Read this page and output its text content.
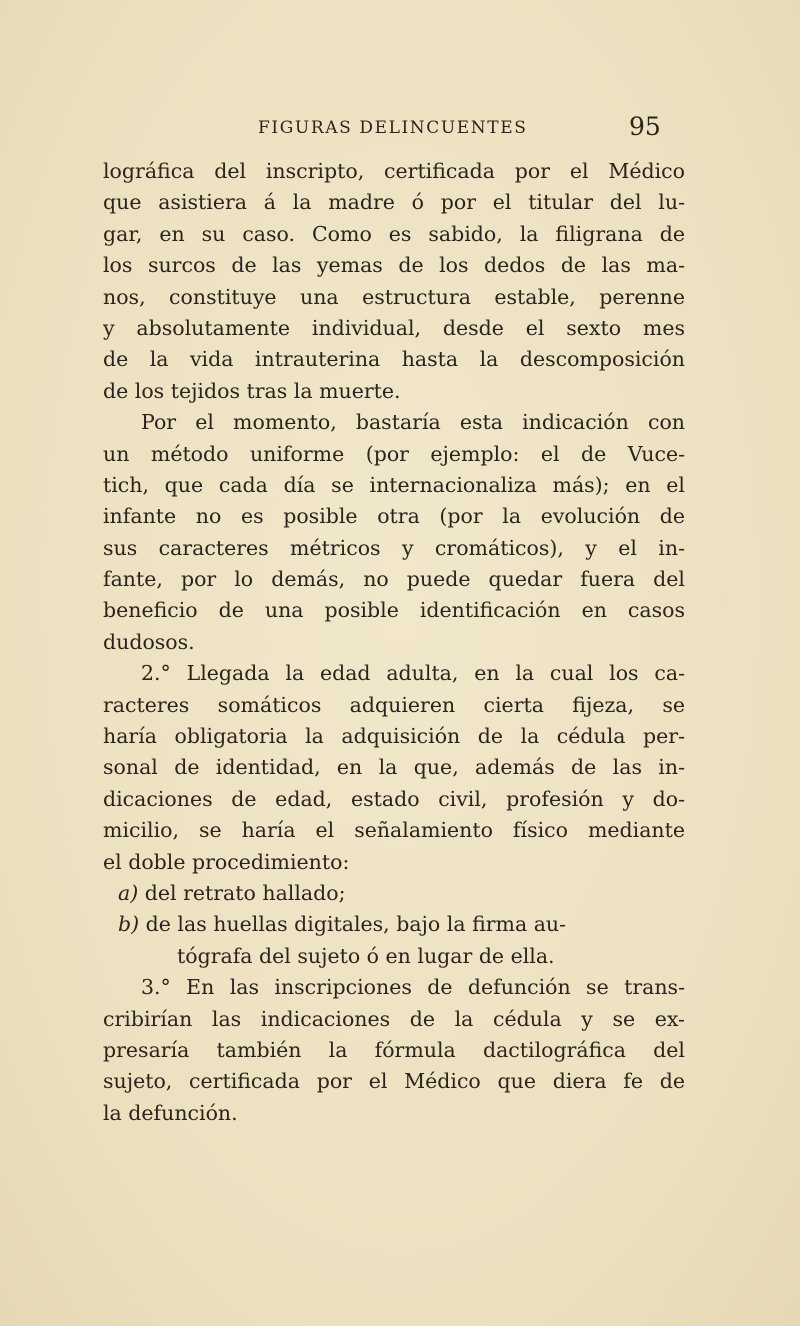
FIGURAS DELINCUENTES	95
lográfica del inscripto, certificada por el Médico
que asistiera á la madre ó por el titular del lu-
gar, en su caso. Como es sabido, la filigrana de
los surcos de las yemas de los dedos de las ma-
nos, constituye una estructura estable, perenne
y absolutamente individual, desde el sexto mes
de la vida intrauterina hasta la descomposición
de los tejidos tras la muerte.
Por el momento, bastaría esta indicación con
un método uniforme (por ejemplo: el de Vuce-
tich, que cada día se internacionaliza más); en el
infante no es posible otra (por la evolución de
sus caracteres métricos y cromáticos), y el in-
fante, por lo demás, no puede quedar fuera del
beneficio de una posible identificación en casos
dudosos.
2.° Llegada la edad adulta, en la cual los ca-
racteres somáticos adquieren cierta fijeza, se
haría obligatoria la adquisición de la cédula per-
sonal de identidad, en la que, además de las in-
dicaciones de edad, estado civil, profesión y do-
micilio, se haría el señalamiento físico mediante
el doble procedimiento:
a) del retrato hallado;
b) de las huellas digitales, bajo la firma au-
tógrafa del sujeto ó en lugar de ella.
3.° En las inscripciones de defunción se trans-
cribirían las indicaciones de la cédula y se ex-
presaría también la fórmula dactilográfica del
sujeto, certificada por el Médico que diera fe de
la defunción.
